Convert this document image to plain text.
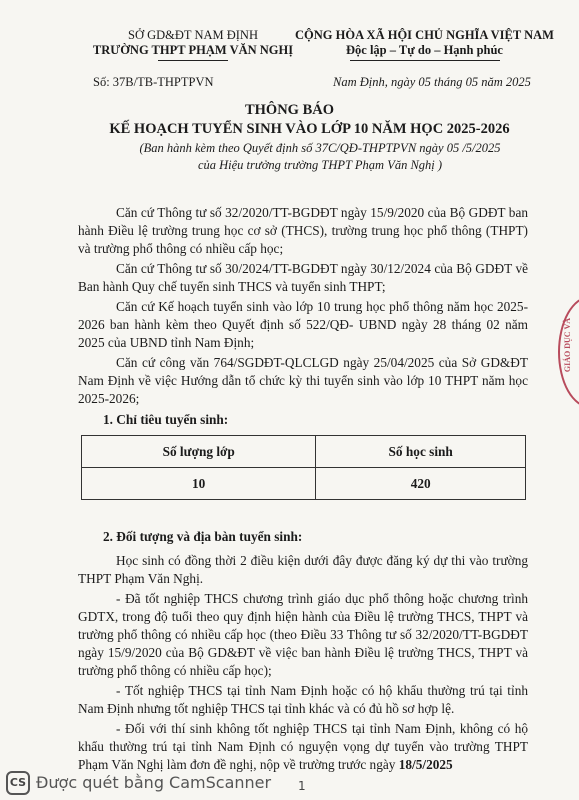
SỞ GD&ĐT NAM ĐỊNH
TRƯỜNG THPT PHẠM VĂN NGHỊ
CỘNG HÒA XÃ HỘI CHỦ NGHĨA VIỆT NAM
Độc lập – Tự do – Hạnh phúc
Số: 37B/TB-THPTPVN	Nam Định, ngày 05 tháng 05 năm 2025
THÔNG BÁO
KẾ HOẠCH TUYỂN SINH VÀO LỚP 10 NĂM HỌC 2025-2026
(Ban hành kèm theo Quyết định số 37C/QĐ-THPTPVN ngày 05 /5/2025
của Hiệu trưởng trường THPT Phạm Văn Nghị )

Căn cứ Thông tư số 32/2020/TT-BGDĐT ngày 15/9/2020 của Bộ GDĐT ban hành Điều lệ trường trung học cơ sở (THCS), trường trung học phổ thông (THPT) và trường phổ thông có nhiều cấp học;

Căn cứ Thông tư số 30/2024/TT-BGDĐT ngày 30/12/2024 của Bộ GDĐT về Ban hành Quy chế tuyển sinh THCS và tuyển sinh THPT;

Căn cứ Kế hoạch tuyển sinh vào lớp 10 trung học phổ thông năm học 2025-2026 ban hành kèm theo Quyết định số 522/QĐ- UBND ngày 28 tháng 02 năm 2025 của UBND tỉnh Nam Định;

Căn cứ công văn 764/SGDĐT-QLCLGD ngày 25/04/2025 của Sở GD&ĐT Nam Định về việc Hướng dẫn tổ chức kỳ thi tuyển sinh vào lớp 10 THPT năm học 2025-2026;

1. Chỉ tiêu tuyển sinh:
Số lượng lớp	Số học sinh
10	420
2. Đối tượng và địa bàn tuyển sinh:

Học sinh có đồng thời 2 điều kiện dưới đây được đăng ký dự thi vào trường THPT Phạm Văn Nghị.

- Đã tốt nghiệp THCS chương trình giáo dục phổ thông hoặc chương trình GDTX, trong độ tuổi theo quy định hiện hành của Điều lệ trường THCS, THPT và trường phổ thông có nhiều cấp học (theo Điều 33 Thông tư số 32/2020/TT-BGDĐT ngày 15/9/2020 của Bộ GD&ĐT về việc ban hành Điều lệ trường THCS, THPT và trường phổ thông có nhiều cấp học);

- Tốt nghiệp THCS tại tỉnh Nam Định hoặc có hộ khẩu thường trú tại tỉnh Nam Định nhưng tốt nghiệp THCS tại tỉnh khác và có đủ hồ sơ hợp lệ.

- Đối với thí sinh không tốt nghiệp THCS tại tỉnh Nam Định, không có hộ khẩu thường trú tại tỉnh Nam Định có nguyện vọng dự tuyển vào trường THPT Phạm Văn Nghị làm đơn đề nghị, nộp về trường trước ngày 18/5/2025

GIÁO DỤC VÀ
CS Được quét bằng CamScanner 1
